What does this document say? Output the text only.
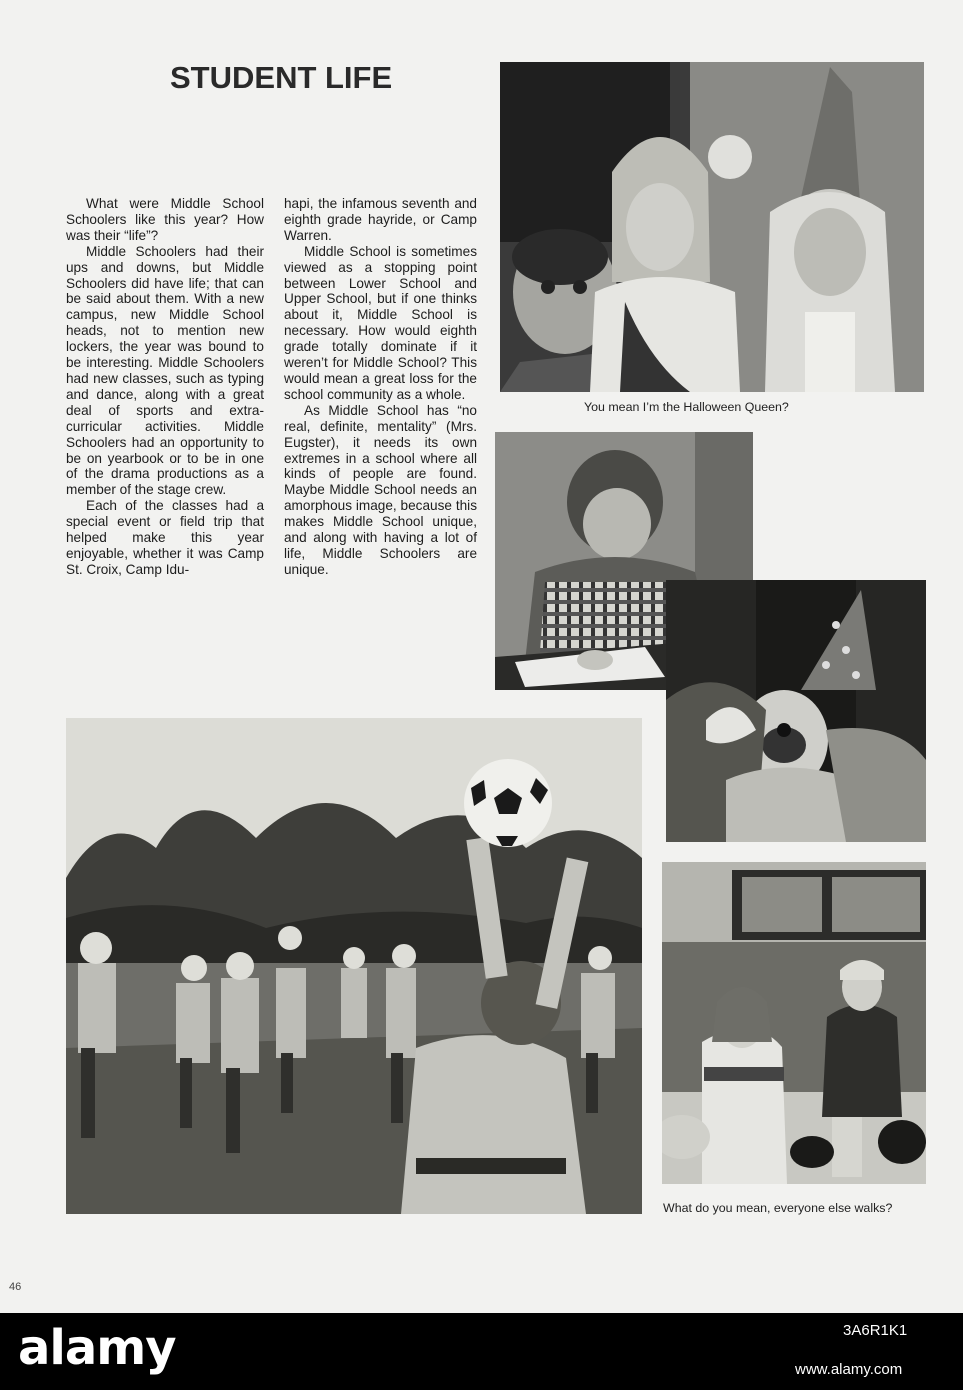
STUDENT LIFE

What were Middle School Schoolers like this year? How was their “life”?

Middle Schoolers had their ups and downs, but Middle Schoolers did have life; that can be said about them. With a new campus, new Middle School heads, not to mention new lockers, the year was bound to be interesting. Middle Schoolers had new classes, such as typing and dance, along with a great deal of sports and extra-curricular activities. Middle Schoolers had an opportunity to be on yearbook or to be in one of the drama productions as a member of the stage crew.

Each of the classes had a special event or field trip that helped make this year enjoyable, whether it was Camp St. Croix, Camp Idu-

hapi, the infamous seventh and eighth grade hayride, or Camp Warren.

Middle School is sometimes viewed as a stopping point between Lower School and Upper School, but if one thinks about it, Middle School is necessary. How would eighth grade totally dominate if it weren’t for Middle School? This would mean a great loss for the school community as a whole.

As Middle School has “no real, definite, mentality” (Mrs. Eugster), it needs its own extremes in a school where all kinds of people are found. Maybe Middle School needs an amorphous image, because this makes Middle School unique, and along with having a lot of life, Middle Schoolers are unique.

You mean I’m the Halloween Queen?
What do you mean, everyone else walks?
46
alamy	3A6R1K1
www.alamy.com
